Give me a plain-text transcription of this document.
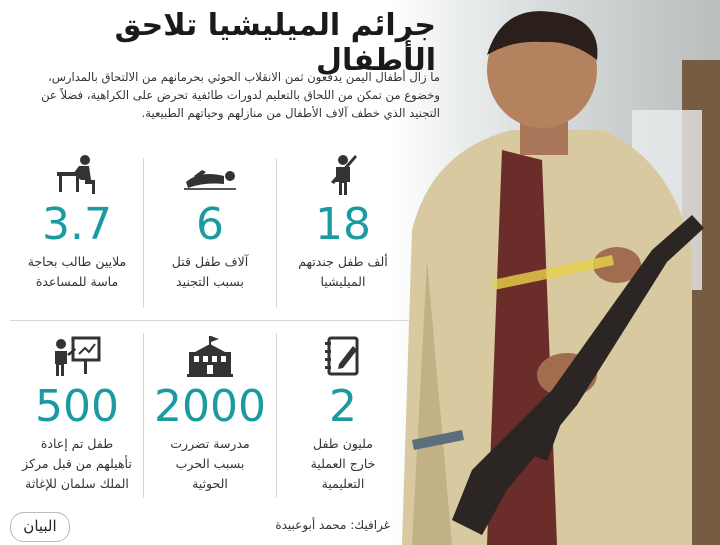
جرائم الميليشيا تلاحق الأطفال

ما زال أطفال اليمن يدفعون ثمن الانقلاب الحوثي بحرمانهم من الالتحاق بالمدارس، وخضوع من تمكن من اللحاق بالتعليم لدورات طائفية تحرض على الكراهية، فضلاً عن التجنيد الذي خطف آلاف الأطفال من منازلهم وحياتهم الطبيعية.

18
ألف طفل جندتهم
الميليشيا
6
آلاف طفل قتل
بسبب التجنيد
3.7
ملايين طالب بحاجة
ماسة للمساعدة
2
مليون طفل
خارج العملية
التعليمية
2000
مدرسة تضررت
بسبب الحرب
الحوثية
500
طفل تم إعادة
تأهيلهم من قبل مركز
الملك سلمان للإغاثة
البيان	غرافيك: محمد أبوعبيدة
